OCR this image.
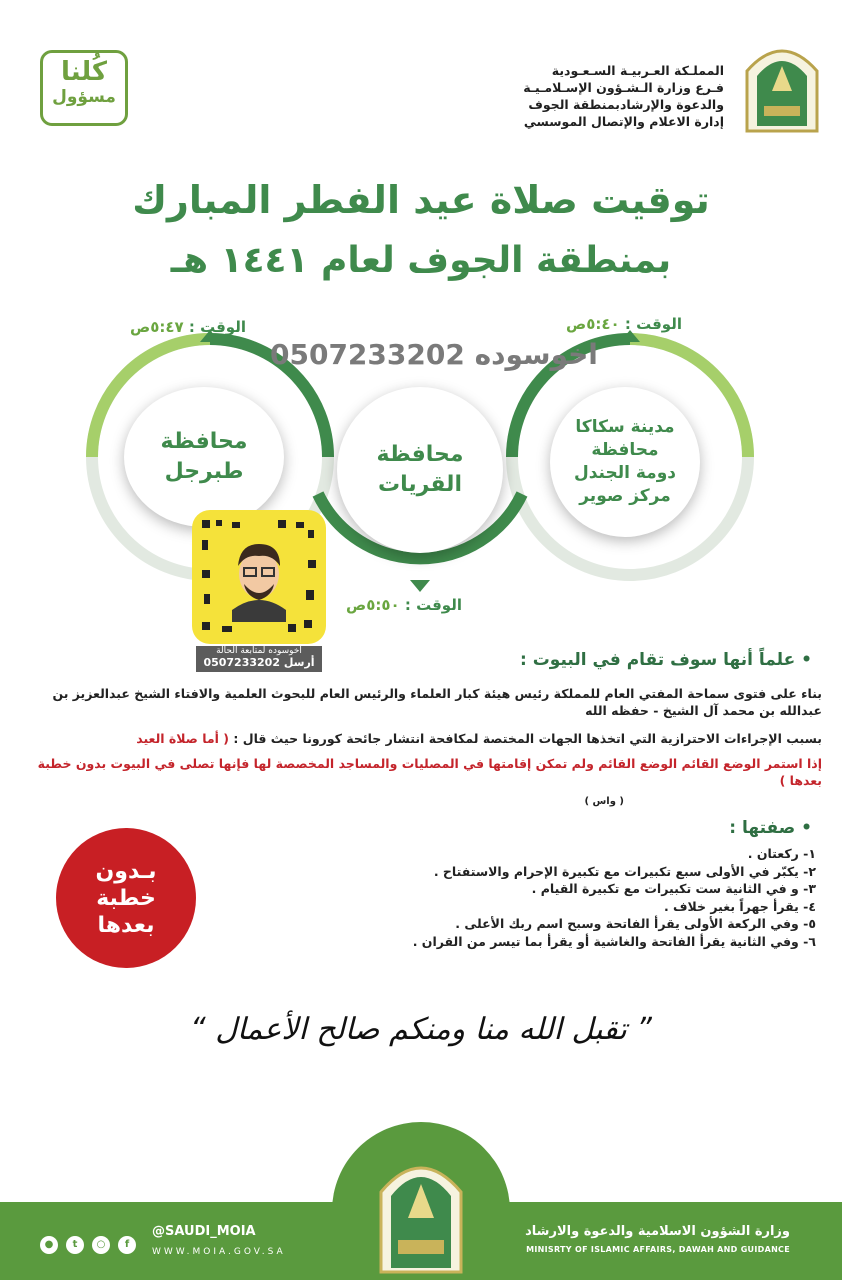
المملـكة العـربيـة السـعـودية
فـرع وزارة الـشـؤون الإسـلامـيـة
والدعوة والإرشادبمنطقة الجوف
إدارة الاعلام والإتصال الموسسي
كُلنا
مسؤول
توقيت صلاة عيد الفطر المبارك
بمنطقة الجوف لعام ١٤٤١ هـ
مدينة سكاكا
محافظة
دومة الجندل
مركز صوير
محافظة
القريات
محافظة
طبرجل
الوقت : ٥:٤٠ص
الوقت : ٥:٥٠ص
الوقت : ٥:٤٧ص
اخوسوده 0507233202
اخوسوده لمتابعة الحالة
أرسل 0507233202	• علماً أنها سوف تقام في البيوت :
بناء على فتوى سماحة المفتي العام للمملكة رئيس هيئة كبار العلماء والرئيس العام للبحوث العلمية والافتاء الشيخ عبدالعزيز بن عبدالله بن محمد آل الشيخ - حفظه الله
بسبب الإجراءات الاحترازية التي اتخذها الجهات المختصة لمكافحة انتشار جائحة كورونا حيث قال : ( أما صلاة العيد
إذا استمر الوضع القائم الوضع القائم ولم تمكن إقامتها في المصليات والمساجد المخصصة لها فإنها تصلى في البيوت بدون خطبة بعدها )
( واس )
• صفتها :
١- ركعتان .
٢- يكبّر في الأولى سبع تكبيرات مع تكبيرة الإحرام والاستفتاح .
٣- و في الثانية ست تكبيرات مع تكبيرة القيام .
٤- يقرأ جهراً بغير خلاف .
٥- وفي الركعة الأولى يقرأ الفاتحة وسبح اسم ربك الأعلى .
٦- وفي الثانية يقرأ الفاتحة والغاشية أو يقرأ بما تيسر من القران .
بـدون
خطبة
بعدها
” تقبل الله منا ومنكم صالح الأعمال “
وزارة الشؤون الاسلامية والدعوة والارشاد
MINISRTY OF ISLAMIC AFFAIRS, DAWAH AND GUIDANCE
@SAUDI_MOIA
WWW.MOIA.GOV.SA
●	t	○	f
